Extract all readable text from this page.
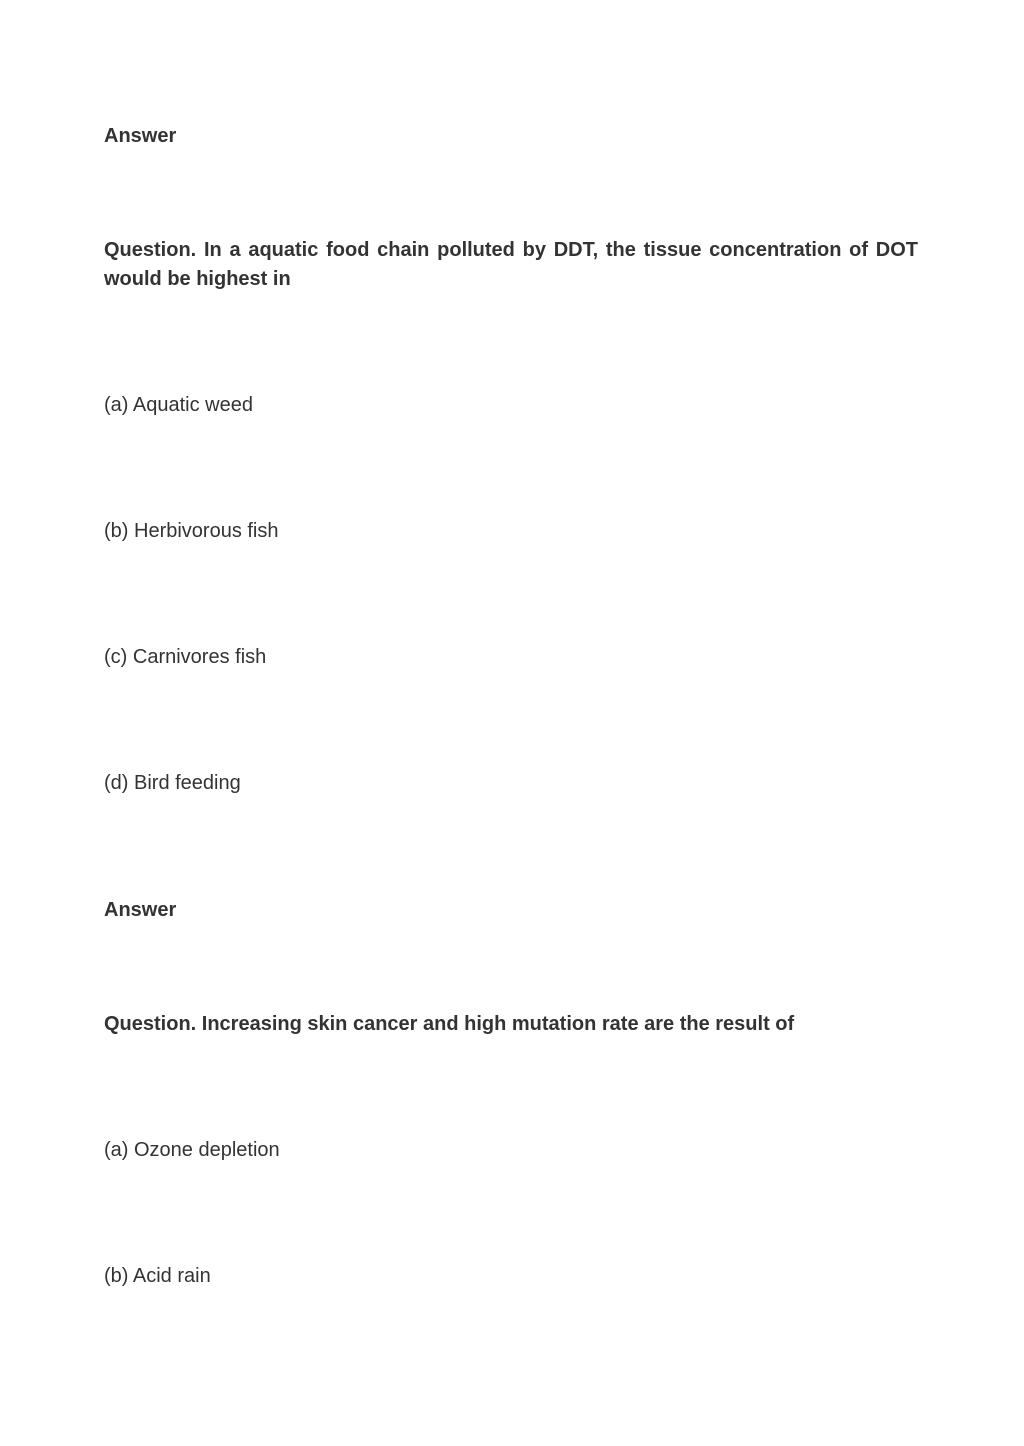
Answer

Question. In a aquatic food chain polluted by DDT, the tissue concentration of DOT would be highest in

(a) Aquatic weed

(b) Herbivorous fish

(c) Carnivores fish

(d) Bird feeding

Answer

Question. Increasing skin cancer and high mutation rate are the result of

(a) Ozone depletion

(b) Acid rain
